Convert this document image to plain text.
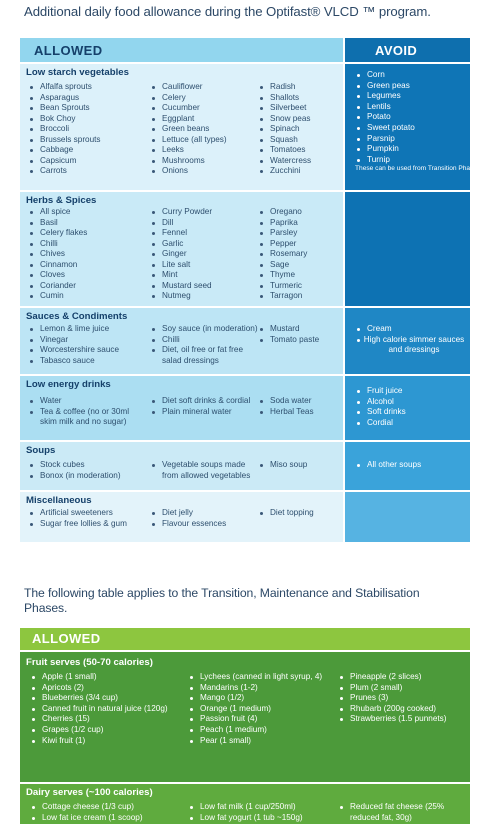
Additional daily food allowance during the Optifast® VLCD ™ program.
ALLOWED	AVOID
Low starch vegetables
Alfalfa sprouts
Asparagus
Bean Sprouts
Bok Choy
Broccoli
Brussels sprouts
Cabbage
Capsicum
Carrots
Cauliflower
Celery
Cucumber
Eggplant
Green beans
Lettuce (all types)
Leeks
Mushrooms
Onions
Radish
Shallots
Silverbeet
Snow peas
Spinach
Squash
Tomatoes
Watercress
Zucchini
Corn
Green peas
Legumes
Lentils
Potato
Sweet potato
Parsnip
Pumpkin
Turnip
These can be used from Transition Phase onwards
Herbs & Spices
All spice
Basil
Celery flakes
Chilli
Chives
Cinnamon
Cloves
Coriander
Cumin
Curry Powder
Dill
Fennel
Garlic
Ginger
Lite salt
Mint
Mustard seed
Nutmeg
Oregano
Paprika
Parsley
Pepper
Rosemary
Sage
Thyme
Turmeric
Tarragon
Sauces & Condiments
Lemon & lime juice
Vinegar
Worcestershire sauce
Tabasco sauce
Soy sauce (in moderation)
Chilli
Diet, oil free or fat free salad dressings
Mustard
Tomato paste
Cream
High calorie simmer sauces and dressings
Low energy drinks
Water
Tea & coffee (no or 30ml skim milk and no sugar)
Diet soft drinks & cordial
Plain mineral water
Soda water
Herbal Teas
Fruit juice
Alcohol
Soft drinks
Cordial
Soups
Stock cubes
Bonox (in moderation)
Vegetable soups made from allowed vegetables
Miso soup	All other soups
Miscellaneous
Artificial sweeteners
Sugar free lollies & gum
Diet jelly
Flavour essences
Diet topping
The following table applies to the Transition, Maintenance and Stabilisation Phases.
ALLOWED
Fruit serves (50-70 calories)
Apple (1 small)
Apricots (2)
Blueberries (3/4 cup)
Canned fruit in natural juice (120g)
Cherries (15)
Grapes (1/2 cup)
Kiwi fruit (1)
Lychees (canned in light syrup, 4)
Mandarins (1-2)
Mango (1/2)
Orange (1 medium)
Passion fruit (4)
Peach (1 medium)
Pear (1 small)
Pineapple (2 slices)
Plum (2 small)
Prunes (3)
Rhubarb (200g cooked)
Strawberries (1.5 punnets)
Dairy serves (~100 calories)
Cottage cheese (1/3 cup)
Low fat ice cream (1 scoop)
Low fat milk (1 cup/250ml)
Low fat yogurt (1 tub ~150g)
Reduced fat cheese (25% reduced fat, 30g)
